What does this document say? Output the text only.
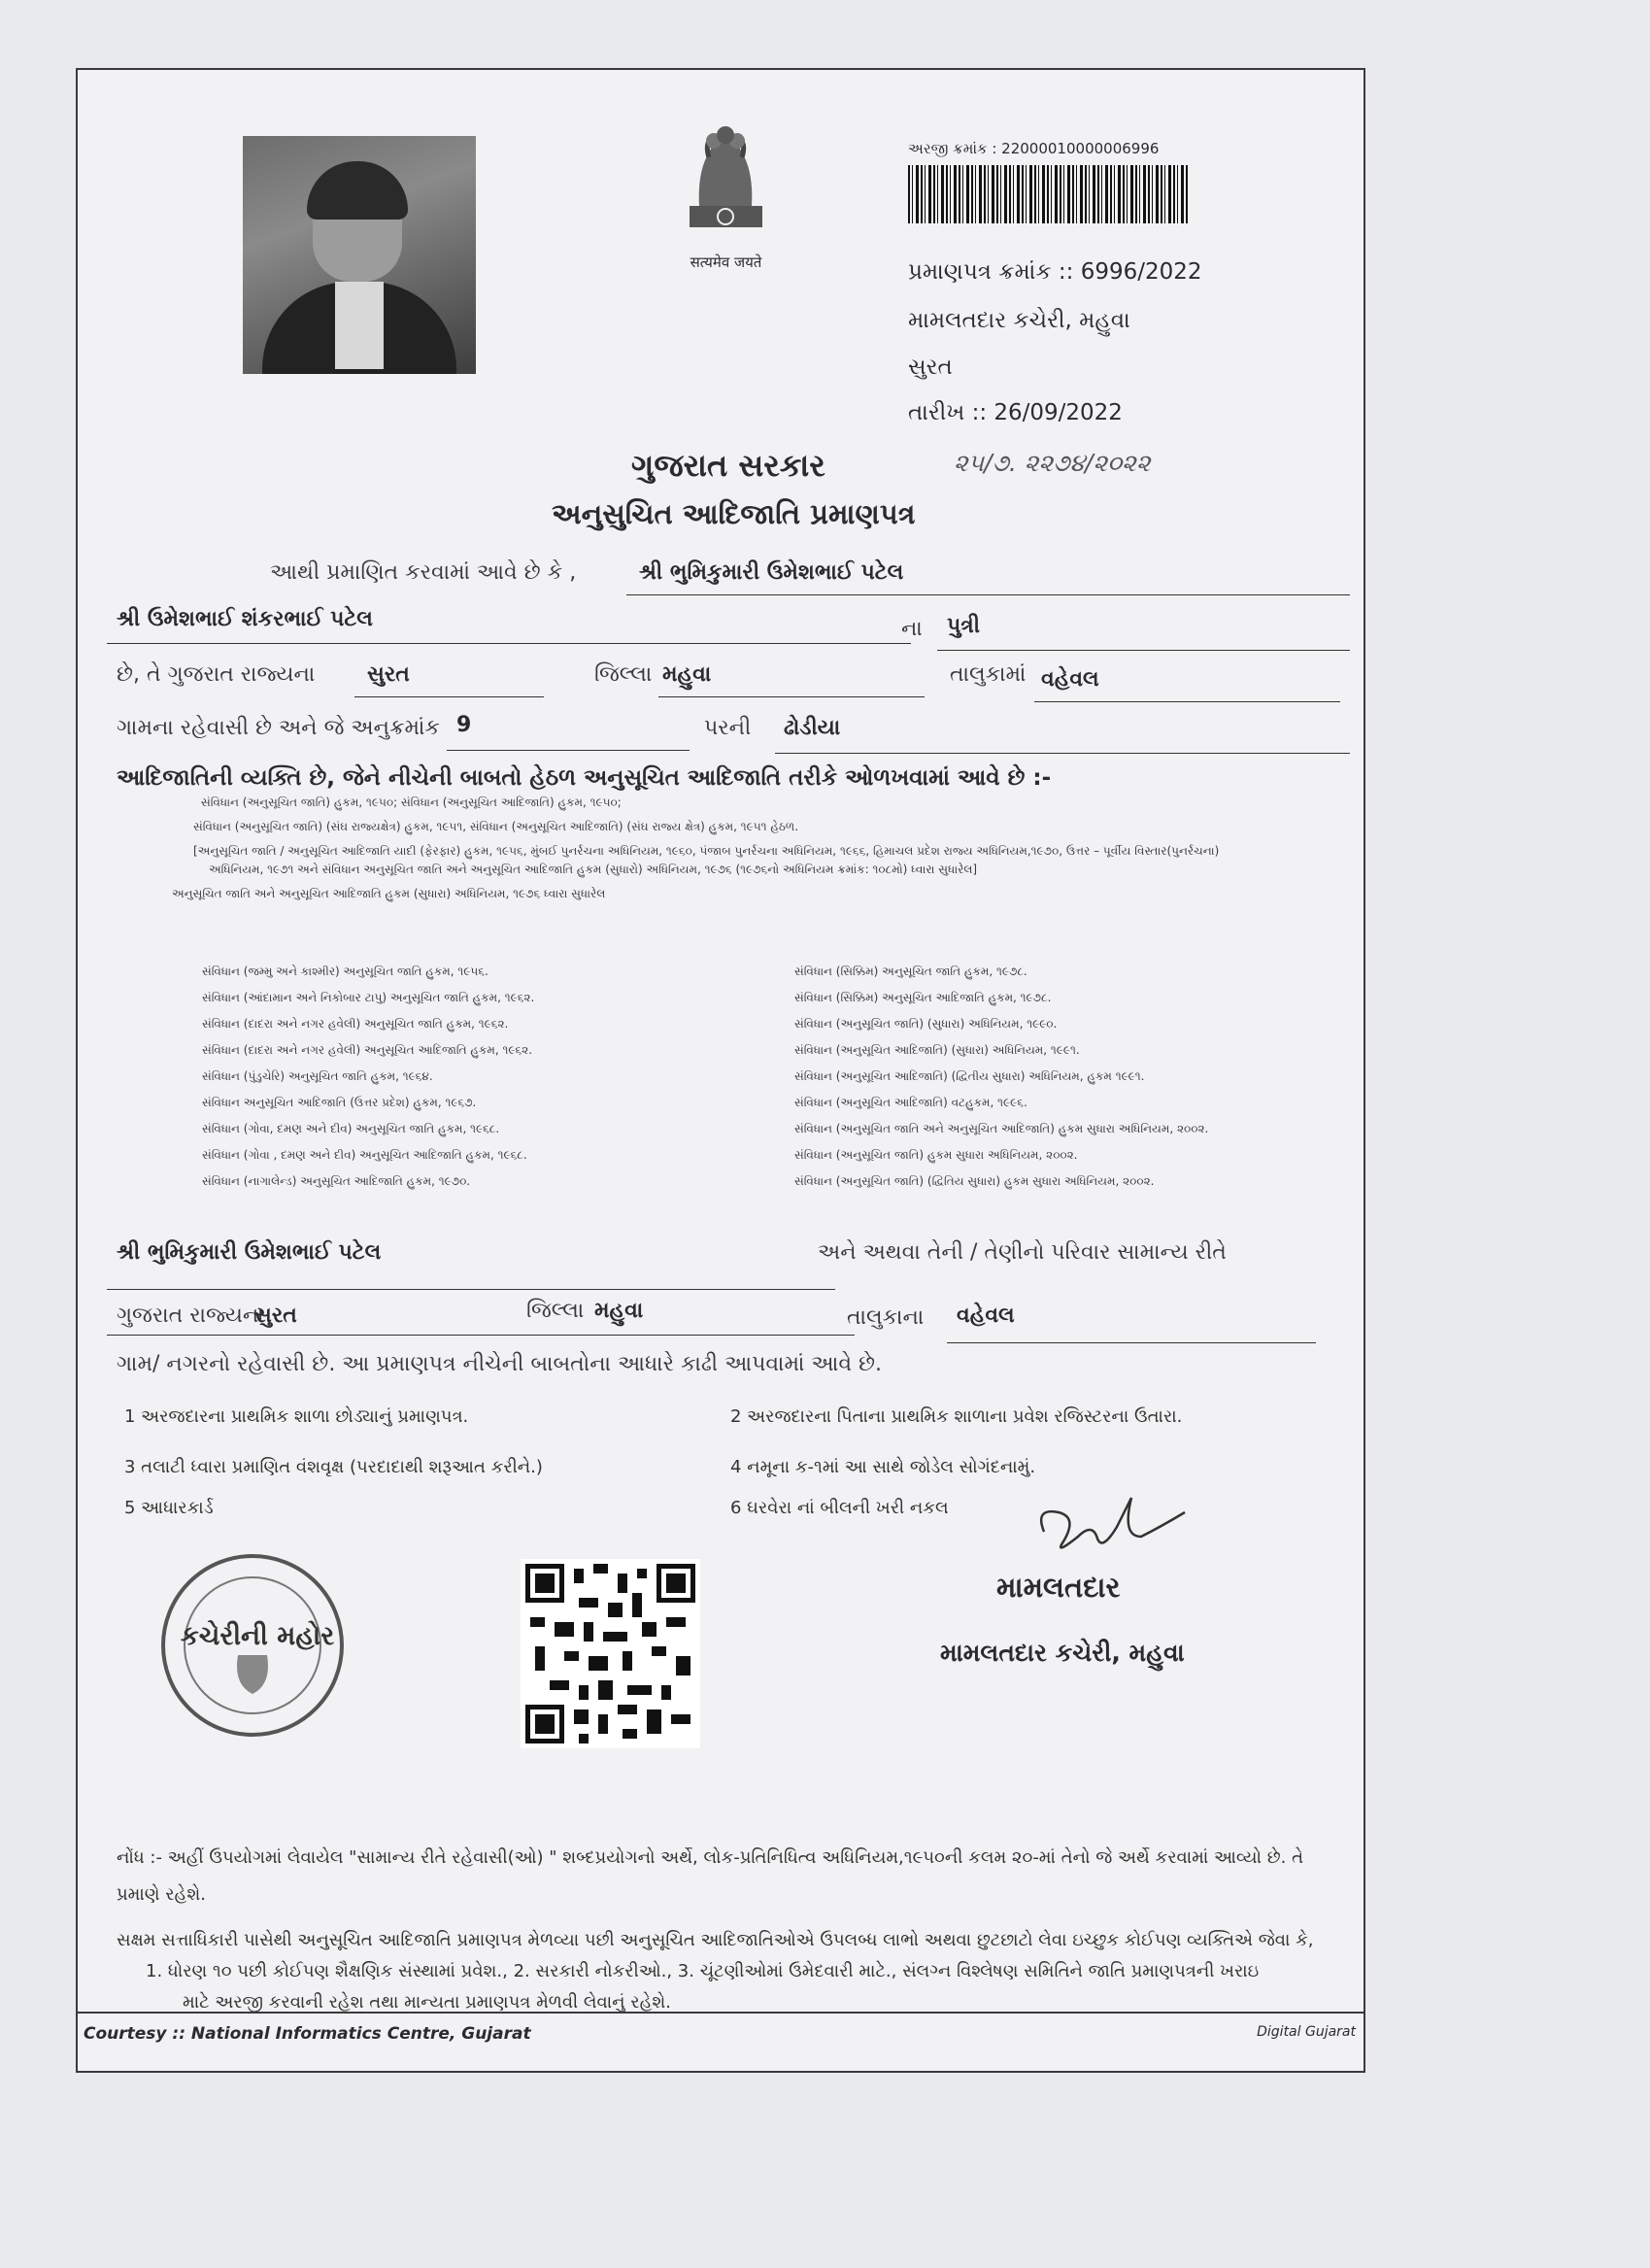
सत्यमेव जयते
અરજી ક્રમાંક : 22000010000006996
પ્રમાણપત્ર ક્રમાંક :: 6996/2022
મામલતદાર કચેરી, મહુવા
સુરત
તારીખ :: 26/09/2022
ગુજરાત સરકાર	૨૫/૭. ૨૨૭૪/૨૦૨૨
અનુસુચિત આદિજાતિ પ્રમાણપત્ર
આથી પ્રમાણિત કરવામાં આવે છે કે ,	શ્રી ભુમિકુમારી ઉમેશભાઈ પટેલ
શ્રી ઉમેશભાઈ શંકરભાઈ પટેલ	ના પુત્રી
છે, તે ગુજરાત રાજ્યના સુરત	જિલ્લા મહુવા	તાલુકામાં વહેવલ
ગામના રહેવાસી છે અને જે અનુક્રમાંક 9	પરની ઢોડીયા
આદિજાતિની વ્યક્તિ છે, જેને નીચેની બાબતો હેઠળ અનુસૂચિત આદિજાતિ તરીકે ઓળખવામાં આવે છે :-
સંવિધાન (અનુસૂચિત જાતિ) હુકમ, ૧૯૫૦; સંવિધાન (અનુસૂચિત આદિજાતિ) હુકમ, ૧૯૫૦;
સંવિધાન (અનુસૂચિત જાતિ) (સંઘ રાજ્યક્ષેત્ર) હુકમ, ૧૯૫૧, સંવિધાન (અનુસૂચિત આદિજાતિ) (સંઘ રાજ્ય ક્ષેત્ર) હુકમ, ૧૯૫૧ હેઠળ.
[અનુસૂચિત જાતિ / અનુસૂચિત આદિજાતિ યાદી (ફેરફાર) હુકમ, ૧૯૫૬, મુંબઈ પુનર્રચના અધિનિયમ, ૧૯૬૦, પંજાબ પુનર્રચના અધિનિયમ, ૧૯૬૬, હિમાચલ પ્રદેશ રાજ્ય અધિનિયમ,૧૯૭૦, ઉત્તર – પૂર્વીય વિસ્તાર(પુનર્રચના)
અધિનિયમ, ૧૯૭૧ અને સંવિધાન અનુસૂચિત જાતિ અને અનુસૂચિત આદિજાતિ હુકમ (સુધારો) અધિનિયમ, ૧૯૭૬ (૧૯૭૬નો અધિનિયમ ક્રમાંક: ૧૦૮મો) ધ્વારા સુધારેલ]
અનુસૂચિત જાતિ અને અનુસૂચિત આદિજાતિ હુકમ (સુધારા) અધિનિયમ, ૧૯૭૬ ધ્વારા સુધારેલ
સંવિધાન (જમ્મુ અને કાશ્મીર) અનુસૂચિત જાતિ હુકમ, ૧૯૫૬.
સંવિધાન (આંદામાન અને નિકોબાર ટાપુ) અનુસૂચિત જાતિ હુકમ, ૧૯૬૨.
સંવિધાન (દાદરા અને નગર હવેલી) અનુસૂચિત જાતિ હુકમ, ૧૯૬૨.
સંવિધાન (દાદરા અને નગર હવેલી) અનુસૂચિત આદિજાતિ હુકમ, ૧૯૬૨.
સંવિધાન (પુંડુચેરિ) અનુસૂચિત જાતિ હુકમ, ૧૯૬૪.
સંવિધાન અનુસૂચિત આદિજાતિ (ઉત્તર પ્રદેશ) હુકમ, ૧૯૬૭.
સંવિધાન (ગોવા, દમણ અને દીવ) અનુસૂચિત જાતિ હુકમ, ૧૯૬૮.
સંવિધાન (ગોવા , દમણ અને દીવ) અનુસૂચિત આદિજાતિ હુકમ, ૧૯૬૮.
સંવિધાન (નાગાલેન્ડ) અનુસૂચિત આદિજાતિ હુકમ, ૧૯૭૦.
સંવિધાન (સિક્કિમ) અનુસૂચિત જાતિ હુકમ, ૧૯૭૮.
સંવિધાન (સિક્કિમ) અનુસૂચિત આદિજાતિ હુકમ, ૧૯૭૮.
સંવિધાન (અનુસૂચિત જાતિ) (સુધારા) અધિનિયમ, ૧૯૯૦.
સંવિધાન (અનુસૂચિત આદિજાતિ) (સુધારા) અધિનિયમ, ૧૯૯૧.
સંવિધાન (અનુસૂચિત આદિજાતિ) (દ્વિતીય સુધારા) અધિનિયમ, હુકમ ૧૯૯૧.
સંવિધાન (અનુસૂચિત આદિજાતિ) વટહુકમ, ૧૯૯૬.
સંવિધાન (અનુસૂચિત જાતિ અને અનુસૂચિત આદિજાતિ) હુકમ સુધારા અધિનિયમ, ૨૦૦૨.
સંવિધાન (અનુસૂચિત જાતિ) હુકમ સુધારા અધિનિયમ, ૨૦૦૨.
સંવિધાન (અનુસૂચિત જાતિ) (દ્વિતિય સુધારા) હુકમ સુધારા અધિનિયમ, ૨૦૦૨.
શ્રી ભુમિકુમારી ઉમેશભાઈ પટેલ	અને અથવા તેની / તેણીનો પરિવાર સામાન્ય રીતે
ગુજરાત રાજ્યના
સુરત	જિલ્લા મહુવા	તાલુકાના વહેવલ
ગામ/ નગરનો રહેવાસી છે. આ પ્રમાણપત્ર નીચેની બાબતોના આધારે કાઢી આપવામાં આવે છે.
1 અરજદારના પ્રાથમિક શાળા છોડ્યાનું પ્રમાણપત્ર.	2 અરજદારના પિતાના પ્રાથમિક શાળાના પ્રવેશ રજિસ્ટરના ઉતારા.
3 તલાટી ધ્વારા પ્રમાણિત વંશવૃક્ષ (પરદાદાથી શરૂઆત કરીને.)	4 નમૂના ક-૧માં આ સાથે જોડેલ સોગંદનામું.
5 આધારકાર્ડ	6 ઘરવેરા નાં બીલની ખરી નકલ
મામલતદાર
મામલતદાર કચેરી, મહુવા
કચેરીની મહોર
નોંધ :- અહીં ઉપયોગમાં લેવાયેલ "સામાન્ય રીતે રહેવાસી(ઓ) " શબ્દપ્રયોગનો અર્થે, લોક-પ્રતિનિધિત્વ અધિનિયમ,૧૯૫૦ની કલમ ૨૦-માં તેનો જે અર્થે કરવામાં આવ્યો છે. તે
પ્રમાણે રહેશે.
સક્ષમ સત્તાધિકારી પાસેથી અનુસૂચિત આદિજાતિ પ્રમાણપત્ર મેળવ્યા પછી અનુસૂચિત આદિજાતિઓએ ઉપલબ્ધ લાભો અથવા છુટછાટો લેવા ઇચ્છુક કોઈપણ વ્યક્તિએ જેવા કે,
1. ધોરણ ૧૦ પછી કોઈપણ શૈક્ષણિક સંસ્થામાં પ્રવેશ., 2. સરકારી નોકરીઓ., 3. ચૂંટણીઓમાં ઉમેદવારી માટે., સંલગ્ન વિશ્લેષણ સમિતિને જાતિ પ્રમાણપત્રની ખરાઇ
માટે અરજી કરવાની રહેશ તથા માન્યતા પ્રમાણપત્ર મેળવી લેવાનું રહેશે.
Courtesy :: National Informatics Centre, Gujarat	Digital Gujarat
